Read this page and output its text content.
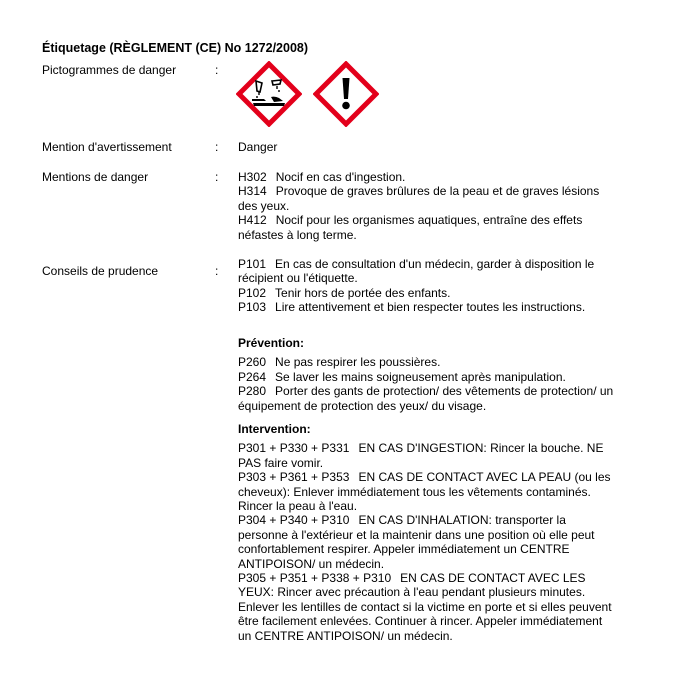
Étiquetage (RÈGLEMENT (CE) No 1272/2008)
Pictogrammes de danger	:
Mention d'avertissement	: Danger
Mentions de danger	: H302 Nocif en cas d'ingestion.

H314 Provoque de graves brûlures de la peau et de graves lésions des yeux.

H412 Nocif pour les organismes aquatiques, entraîne des effets néfastes à long terme.

Conseils de prudence	: P101 En cas de consultation d'un médecin, garder à disposition le récipient ou l'étiquette.

P102 Tenir hors de portée des enfants.

P103 Lire attentivement et bien respecter toutes les instructions.

Prévention:

P260 Ne pas respirer les poussières.

P264 Se laver les mains soigneusement après manipulation.

P280 Porter des gants de protection/ des vêtements de protection/ un équipement de protection des yeux/ du visage.

Intervention:

P301 + P330 + P331 EN CAS D'INGESTION: Rincer la bouche. NE PAS faire vomir.

P303 + P361 + P353 EN CAS DE CONTACT AVEC LA PEAU (ou les cheveux): Enlever immédiatement tous les vêtements contaminés. Rincer la peau à l'eau.

P304 + P340 + P310 EN CAS D'INHALATION: transporter la personne à l'extérieur et la maintenir dans une position où elle peut confortablement respirer. Appeler immédiatement un CENTRE ANTIPOISON/ un médecin.

P305 + P351 + P338 + P310 EN CAS DE CONTACT AVEC LES YEUX: Rincer avec précaution à l'eau pendant plusieurs minutes. Enlever les lentilles de contact si la victime en porte et si elles peuvent être facilement enlevées. Continuer à rincer. Appeler immédiatement un CENTRE ANTIPOISON/ un médecin.
